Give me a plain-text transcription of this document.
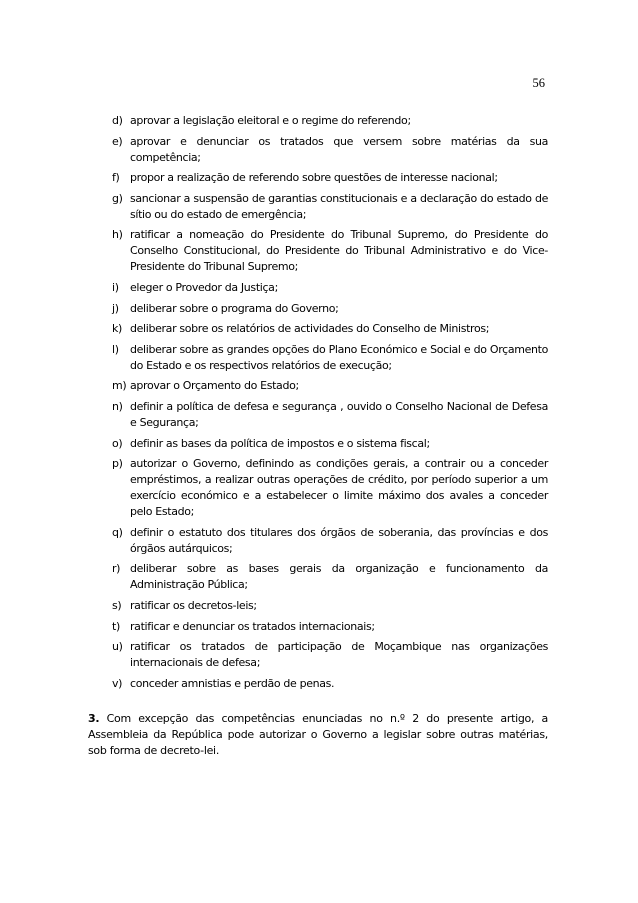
56
d) aprovar a legislação eleitoral e o regime do referendo;
e) aprovar e denunciar os tratados que versem sobre matérias da sua competência;
f) propor a realização de referendo sobre questões de interesse nacional;
g) sancionar a suspensão de garantias constitucionais e a declaração do estado de sítio ou do estado de emergência;
h) ratificar a nomeação do Presidente do Tribunal Supremo, do Presidente do Conselho Constitucional, do Presidente do Tribunal Administrativo e do Vice-Presidente do Tribunal Supremo;
i) eleger o Provedor da Justiça;
j) deliberar sobre o programa do Governo;
k) deliberar sobre os relatórios de actividades do Conselho de Ministros;
l) deliberar sobre as grandes opções do Plano Económico e Social e do Orçamento do Estado e os respectivos relatórios de execução;
m) aprovar o Orçamento do Estado;
n) definir a política de defesa e segurança , ouvido o Conselho Nacional de Defesa e Segurança;
o) definir as bases da política de impostos e o sistema fiscal;
p) autorizar o Governo, definindo as condições gerais, a contrair ou a conceder empréstimos, a realizar outras operações de crédito, por período superior a um exercício económico e a estabelecer o limite máximo dos avales a conceder pelo Estado;
q) definir o estatuto dos titulares dos órgãos de soberania, das províncias e dos órgãos autárquicos;
r) deliberar sobre as bases gerais da organização e funcionamento da Administração Pública;
s) ratificar os decretos-leis;
t) ratificar e denunciar os tratados internacionais;
u) ratificar os tratados de participação de Moçambique nas organizações internacionais de defesa;
v) conceder amnistias e perdão de penas.

3. Com excepção das competências enunciadas no n.º 2 do presente artigo, a Assembleia da República pode autorizar o Governo a legislar sobre outras matérias, sob forma de decreto-lei.
